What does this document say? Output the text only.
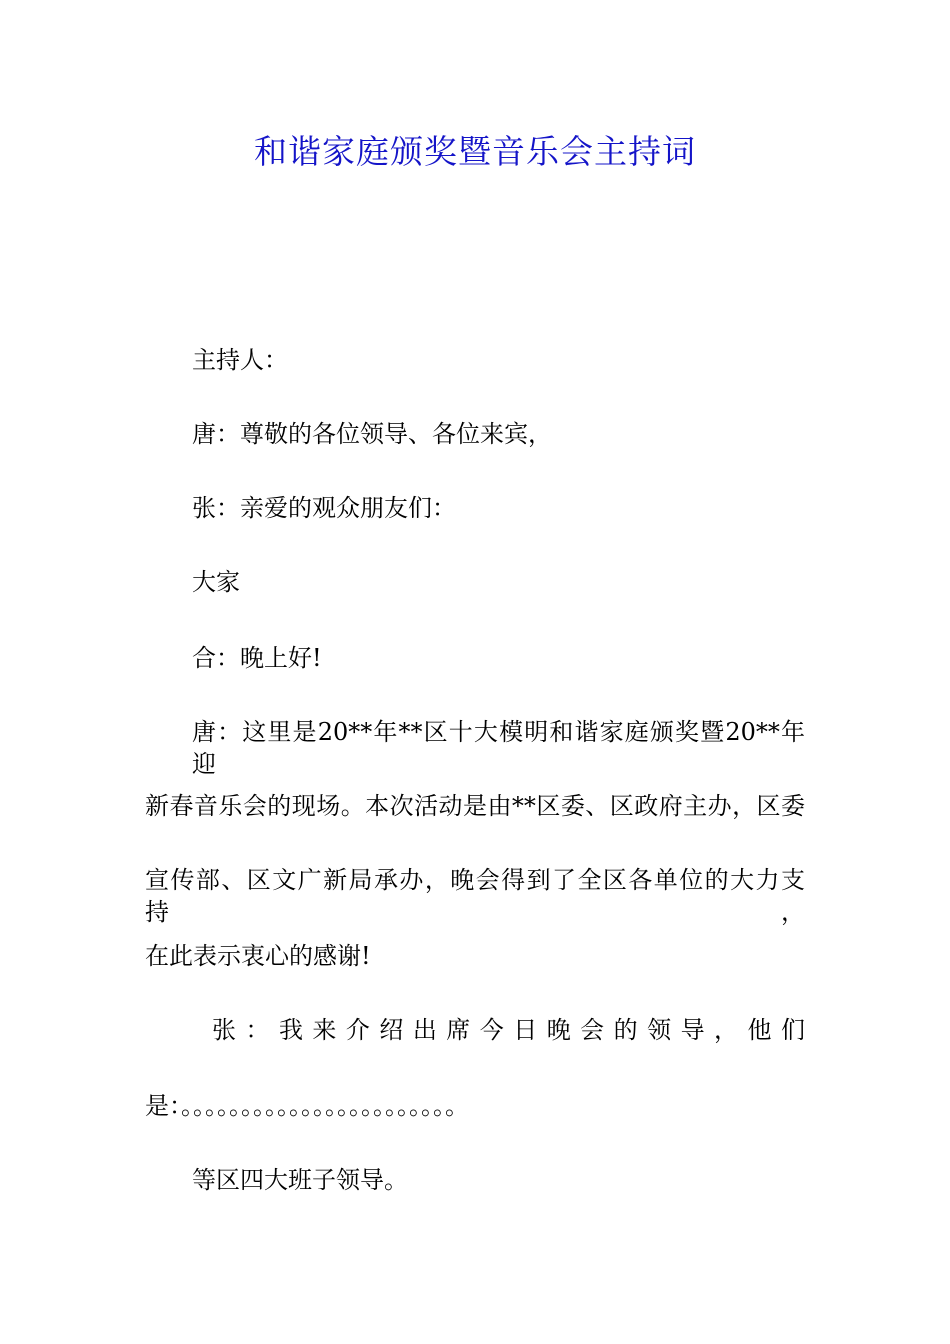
和谐家庭颁奖暨音乐会主持词

主持人：

唐：尊敬的各位领导、各位来宾，

张：亲爱的观众朋友们：

大家

合：晚上好!

唐：这里是20**年**区十大模明和谐家庭颁奖暨20**年迎

新春音乐会的现场。本次活动是由**区委、区政府主办，区委

宣传部、区文广新局承办，晚会得到了全区各单位的大力支持，

在此表示衷心的感谢!

张：我来介绍出席今日晚会的领导，他们

是：。。。。。。。。。。。。。。。。。。。。。。。

等区四大班子领导。
